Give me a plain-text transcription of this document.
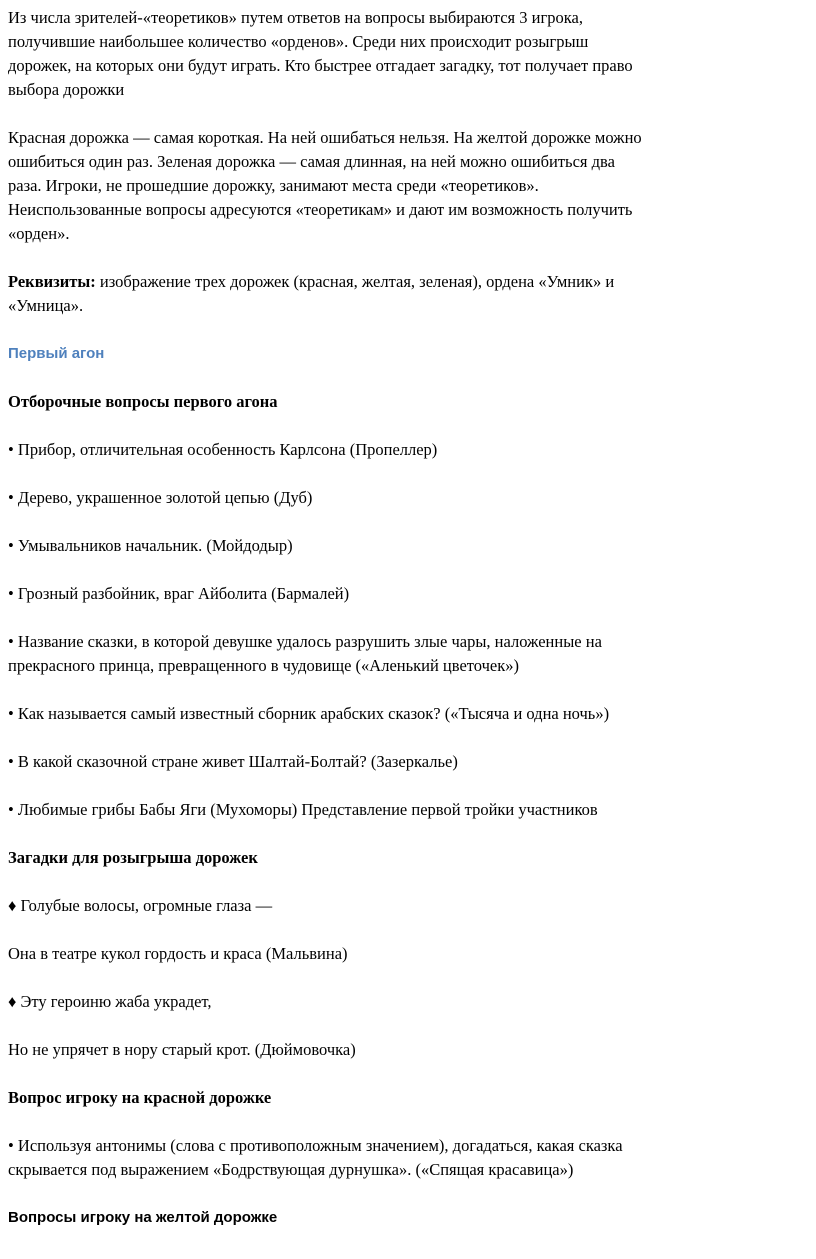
Из числа зрителей-«теоретиков» путем ответов на вопросы выбираются 3 игрока,
получившие наибольшее количество «орденов». Среди них происходит розыгрыш
дорожек, на которых они будут играть. Кто быстрее отгадает загадку, тот получает право
выбора дорожки

Красная дорожка — самая короткая. На ней ошибаться нельзя. На желтой дорожке можно
ошибиться один раз. Зеленая дорожка — самая длинная, на ней можно ошибиться два
раза. Игроки, не прошедшие дорожку, занимают места среди «теоретиков».
Неиспользованные вопросы адресуются «теоретикам» и дают им возможность получить
«орден».

Реквизиты: изображение трех дорожек (красная, желтая, зеленая), ордена «Умник» и
«Умница».

Первый агон

Отборочные вопросы первого агона

• Прибор, отличительная особенность Карлсона (Пропеллер)

• Дерево, украшенное золотой цепью (Дуб)

• Умывальников начальник. (Мойдодыр)

• Грозный разбойник, враг Айболита (Бармалей)

• Название сказки, в которой девушке удалось разрушить злые чары, наложенные на
прекрасного принца, превращенного в чудовище («Аленький цветочек»)

• Как называется самый известный сборник арабских сказок? («Тысяча и одна ночь»)

• В какой сказочной стране живет Шалтай-Болтай? (Зазеркалье)

• Любимые грибы Бабы Яги (Мухоморы) Представление первой тройки участников

Загадки для розыгрыша дорожек

♦ Голубые волосы, огромные глаза —

Она в театре кукол гордость и краса (Мальвина)

♦ Эту героиню жаба украдет,

Но не упрячет в нору старый крот. (Дюймовочка)

Вопрос игроку на красной дорожке

• Используя антонимы (слова с противоположным значением), догадаться, какая сказка
скрывается под выражением «Бодрствующая дурнушка». («Спящая красавица»)

Вопросы игроку на желтой дорожке
